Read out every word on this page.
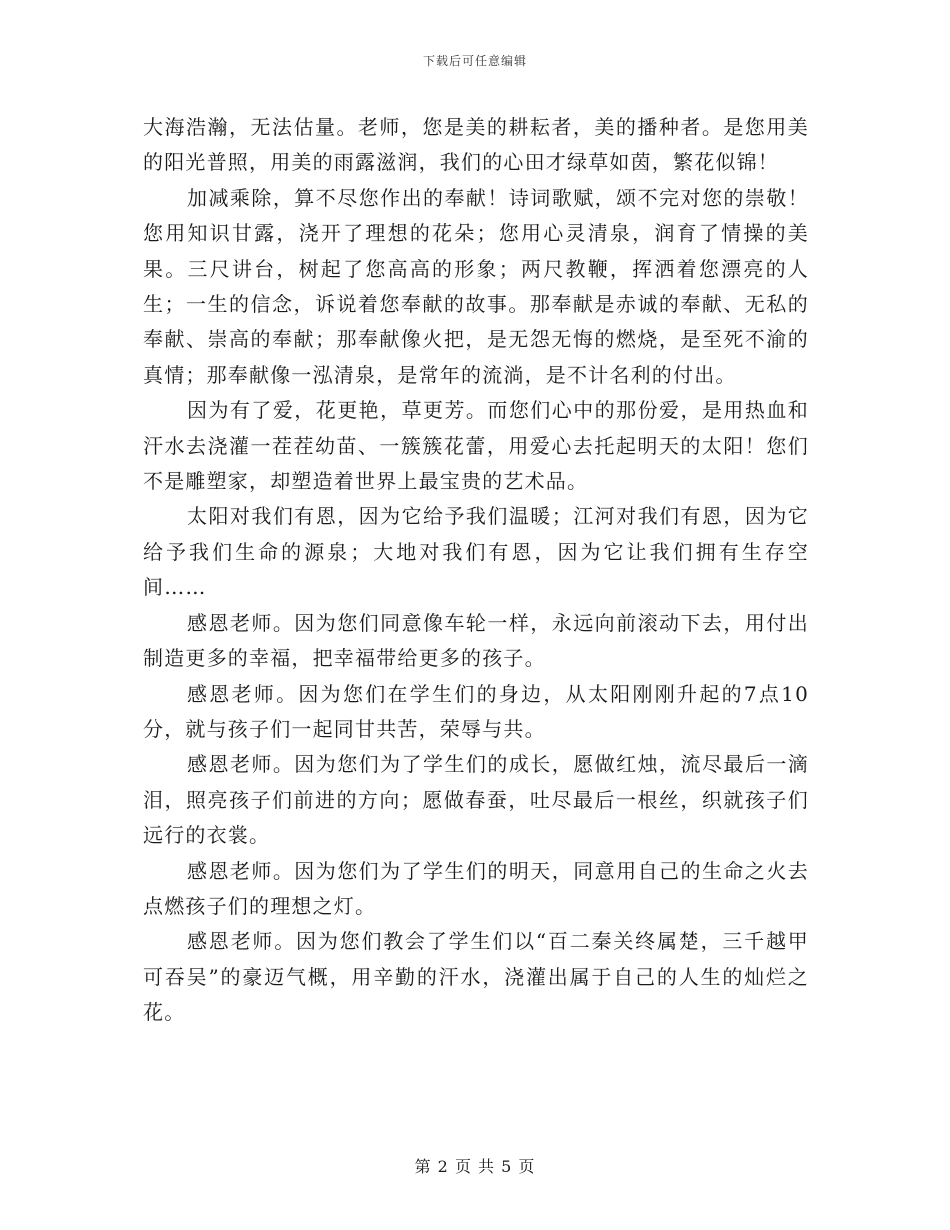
下载后可任意编辑

大海浩瀚，无法估量。老师，您是美的耕耘者，美的播种者。是您用美的阳光普照，用美的雨露滋润，我们的心田才绿草如茵，繁花似锦！

加减乘除，算不尽您作出的奉献！诗词歌赋，颂不完对您的崇敬！您用知识甘露，浇开了理想的花朵；您用心灵清泉，润育了情操的美果。三尺讲台，树起了您高高的形象；两尺教鞭，挥洒着您漂亮的人生；一生的信念，诉说着您奉献的故事。那奉献是赤诚的奉献、无私的奉献、崇高的奉献；那奉献像火把，是无怨无悔的燃烧，是至死不渝的真情；那奉献像一泓清泉，是常年的流淌，是不计名利的付出。

因为有了爱，花更艳，草更芳。而您们心中的那份爱，是用热血和汗水去浇灌一茬茬幼苗、一簇簇花蕾，用爱心去托起明天的太阳！您们不是雕塑家，却塑造着世界上最宝贵的艺术品。

太阳对我们有恩，因为它给予我们温暖；江河对我们有恩，因为它给予我们生命的源泉；大地对我们有恩，因为它让我们拥有生存空间……

感恩老师。因为您们同意像车轮一样，永远向前滚动下去，用付出制造更多的幸福，把幸福带给更多的孩子。

感恩老师。因为您们在学生们的身边，从太阳刚刚升起的7点10分，就与孩子们一起同甘共苦，荣辱与共。

感恩老师。因为您们为了学生们的成长，愿做红烛，流尽最后一滴泪，照亮孩子们前进的方向；愿做春蚕，吐尽最后一根丝，织就孩子们远行的衣裳。

感恩老师。因为您们为了学生们的明天，同意用自己的生命之火去点燃孩子们的理想之灯。

感恩老师。因为您们教会了学生们以“百二秦关终属楚，三千越甲可吞吴”的豪迈气概，用辛勤的汗水，浇灌出属于自己的人生的灿烂之花。

第 2 页 共 5 页
